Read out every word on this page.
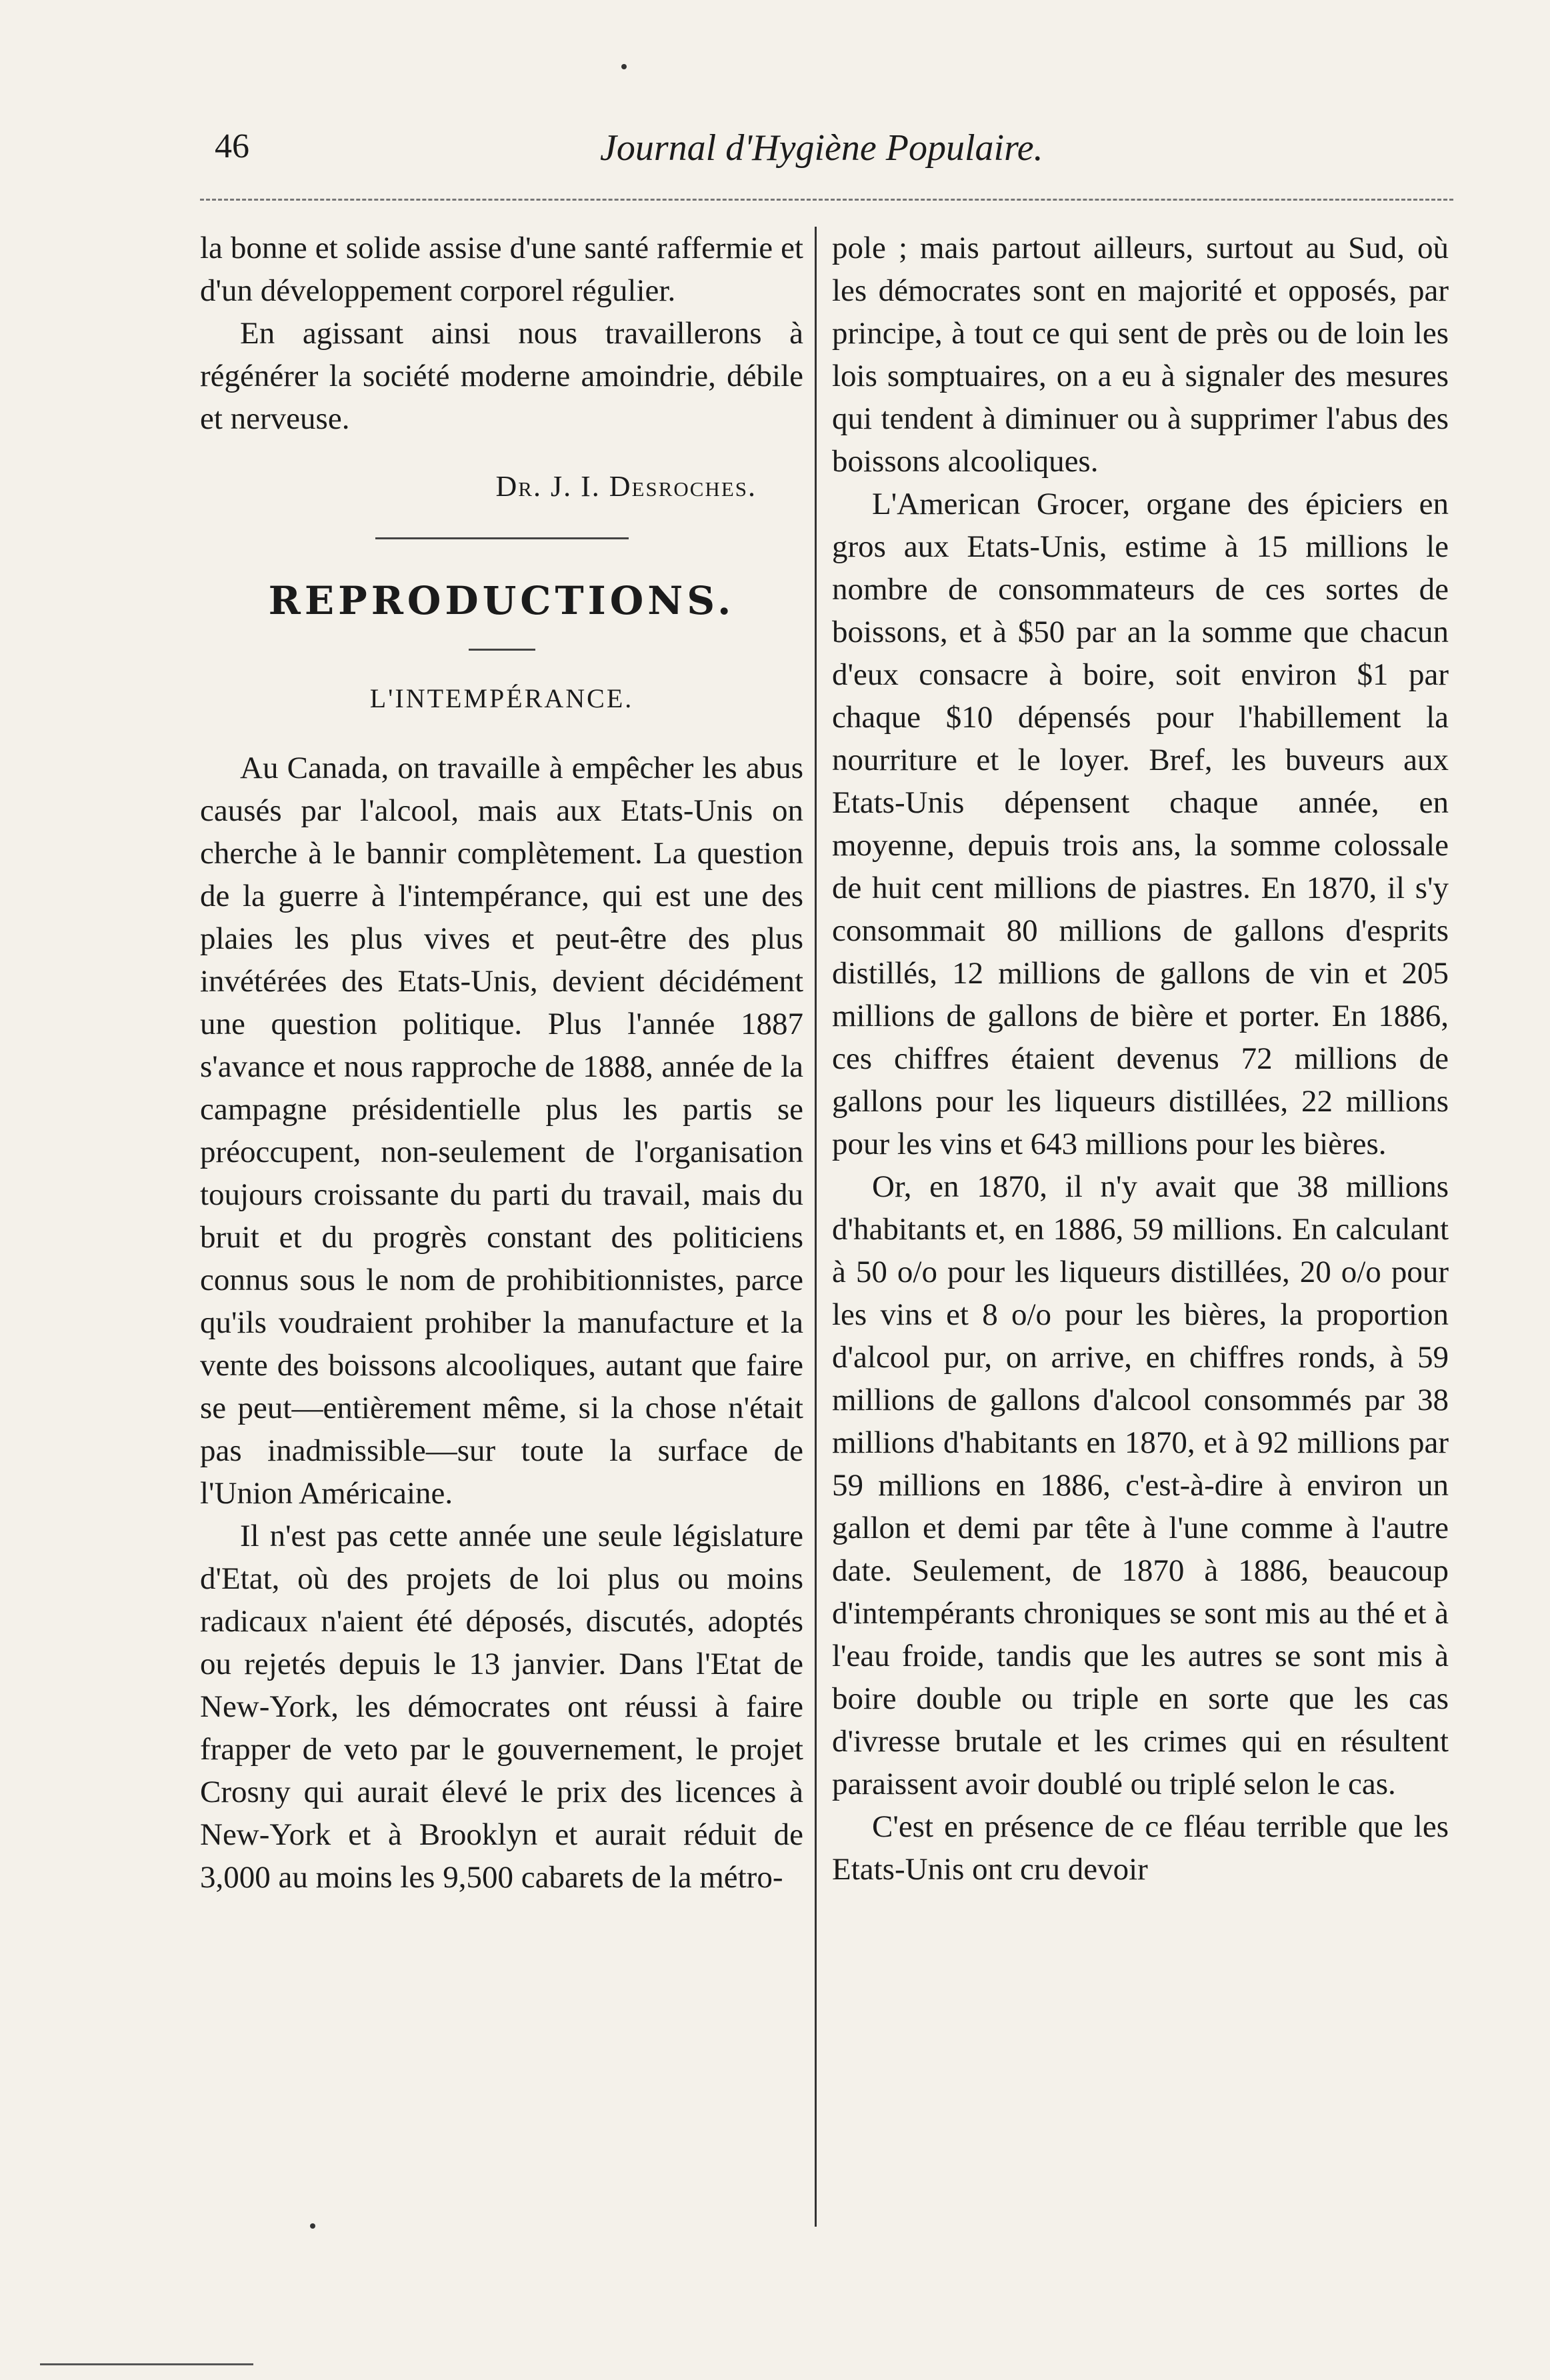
46	Journal d'Hygiène Populaire.

la bonne et solide assise d'une santé raffermie et d'un développement corporel régulier.

En agissant ainsi nous travaillerons à régénérer la société moderne amoindrie, débile et nerveuse.

Dr. J. I. Desroches.
REPRODUCTIONS.
L'INTEMPÉRANCE.

Au Canada, on travaille à empêcher les abus causés par l'alcool, mais aux Etats-Unis on cherche à le bannir complètement. La question de la guerre à l'intempérance, qui est une des plaies les plus vives et peut-être des plus invétérées des Etats-Unis, devient décidément une question politique. Plus l'année 1887 s'avance et nous rapproche de 1888, année de la campagne présidentielle plus les partis se préoccupent, non-seulement de l'organisation toujours croissante du parti du travail, mais du bruit et du progrès constant des politiciens connus sous le nom de prohibitionnistes, parce qu'ils voudraient prohiber la manufacture et la vente des boissons alcooliques, autant que faire se peut—entièrement même, si la chose n'était pas inadmissible—sur toute la surface de l'Union Américaine.

Il n'est pas cette année une seule législature d'Etat, où des projets de loi plus ou moins radicaux n'aient été déposés, discutés, adoptés ou rejetés depuis le 13 janvier. Dans l'Etat de New-York, les démocrates ont réussi à faire frapper de veto par le gouvernement, le projet Crosny qui aurait élevé le prix des licences à New-York et à Brooklyn et aurait réduit de 3,000 au moins les 9,500 cabarets de la métro-

pole ; mais partout ailleurs, surtout au Sud, où les démocrates sont en majorité et opposés, par principe, à tout ce qui sent de près ou de loin les lois somptuaires, on a eu à signaler des mesures qui tendent à diminuer ou à supprimer l'abus des boissons alcooliques.

L'American Grocer, organe des épiciers en gros aux Etats-Unis, estime à 15 millions le nombre de consommateurs de ces sortes de boissons, et à $50 par an la somme que chacun d'eux consacre à boire, soit environ $1 par chaque $10 dépensés pour l'habillement la nourriture et le loyer. Bref, les buveurs aux Etats-Unis dépensent chaque année, en moyenne, depuis trois ans, la somme colossale de huit cent millions de piastres. En 1870, il s'y consommait 80 millions de gallons d'esprits distillés, 12 millions de gallons de vin et 205 millions de gallons de bière et porter. En 1886, ces chiffres étaient devenus 72 millions de gallons pour les liqueurs distillées, 22 millions pour les vins et 643 millions pour les bières.

Or, en 1870, il n'y avait que 38 millions d'habitants et, en 1886, 59 millions. En calculant à 50 o/o pour les liqueurs distillées, 20 o/o pour les vins et 8 o/o pour les bières, la proportion d'alcool pur, on arrive, en chiffres ronds, à 59 millions de gallons d'alcool consommés par 38 millions d'habitants en 1870, et à 92 millions par 59 millions en 1886, c'est-à-dire à environ un gallon et demi par tête à l'une comme à l'autre date. Seulement, de 1870 à 1886, beaucoup d'intempérants chroniques se sont mis au thé et à l'eau froide, tandis que les autres se sont mis à boire double ou triple en sorte que les cas d'ivresse brutale et les crimes qui en résultent paraissent avoir doublé ou triplé selon le cas.

C'est en présence de ce fléau terrible que les Etats-Unis ont cru devoir
